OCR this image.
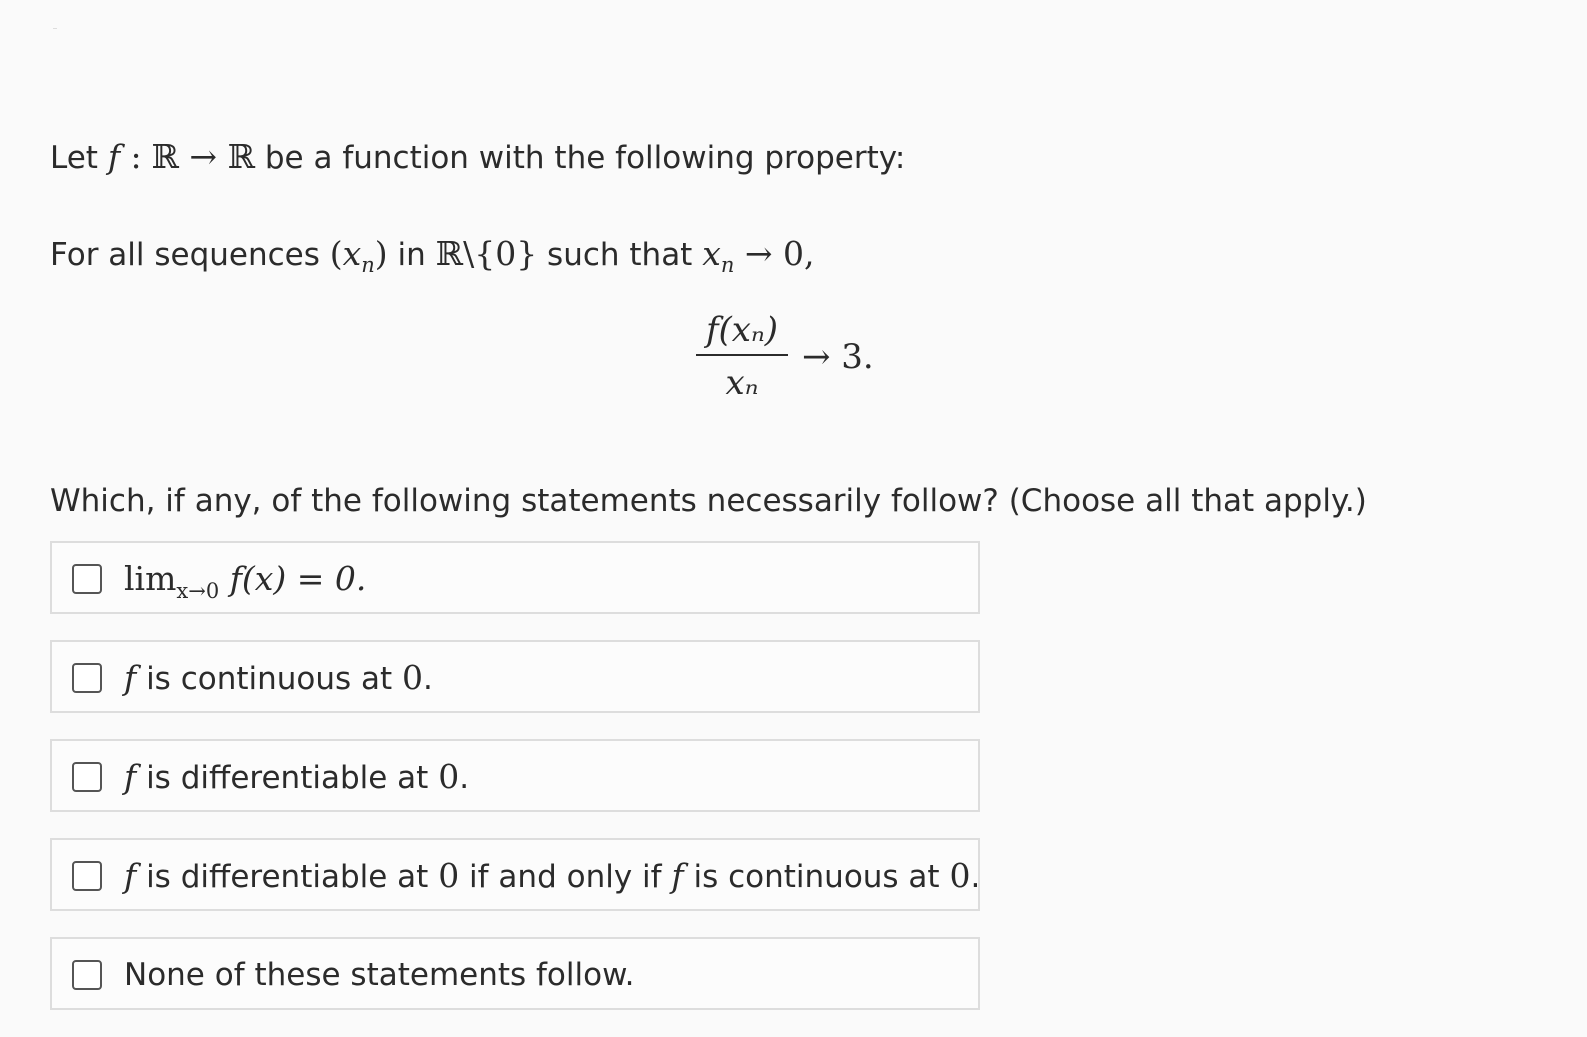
Let f : ℝ → ℝ be a function with the following property:
For all sequences $(x_n)$ in ℝ\{0} such that $x_n \to 0$,
f(xₙ)
xₙ
→ 3.
Which, if any, of the following statements necessarily follow? (Choose all that apply.)
$\lim_{x\to 0} f(x) = 0$.
f is continuous at 0.
f is differentiable at 0.
f is differentiable at 0 if and only if f is continuous at 0.
None of these statements follow.
